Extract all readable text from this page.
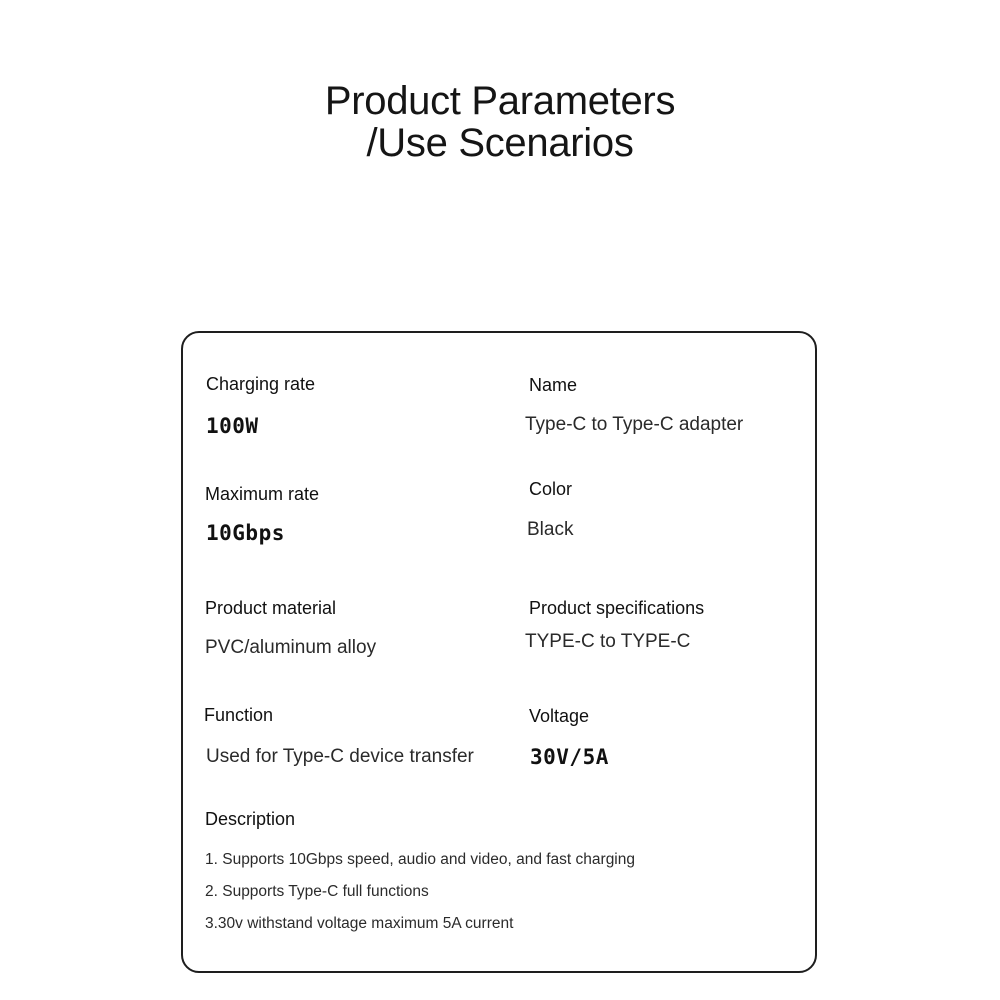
Product Parameters
/Use Scenarios
Charging rate
100W
Name
Type-C to Type-C adapter
Maximum rate
10Gbps
Color
Black
Product material
PVC/aluminum alloy
Product specifications
TYPE-C to TYPE-C
Function
Used for Type-C device transfer
Voltage
30V/5A
Description
1. Supports 10Gbps speed, audio and video, and fast charging
2. Supports Type-C full functions
3.30v withstand voltage maximum 5A current
